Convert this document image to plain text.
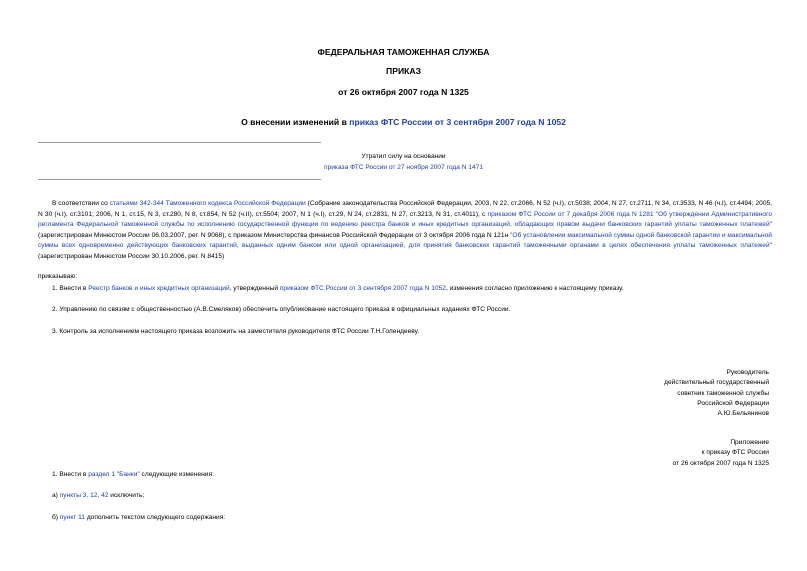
ФЕДЕРАЛЬНАЯ ТАМОЖЕННАЯ СЛУЖБА
ПРИКАЗ
от 26 октября 2007 года N 1325
О внесении изменений в приказ ФТС России от 3 сентября 2007 года N 1052
Утратил силу на основании
приказа ФТС России от 27 ноября 2007 года N 1471
В соответствии со статьями 342-344 Таможенного кодекса Российской Федерации (Собрание законодательства Российской Федерации, 2003, N 22, ст.2066, N 52 (ч.I), ст.5038; 2004, N 27, ст.2711, N 34, ст.3533, N 46 (ч.I), ст.4494; 2005, N 30 (ч.I), ст.3101; 2006, N 1, ст.15, N 3, ст.280, N 8, ст.854, N 52 (ч.II), ст.5504; 2007, N 1 (ч.I), ст.29, N 24, ст.2831, N 27, ст.3213, N 31, ст.4011), с приказом ФТС России от 7 декабря 2006 года N 1281 "Об утверждении Административного регламента Федеральной таможенной службы по исполнению государственной функции по ведению реестра банков и иных кредитных организаций, обладающих правом выдачи банковских гарантий уплаты таможенных платежей" (зарегистрирован Минюстом России 06.03.2007, рег. N 9068), с приказом Министерства финансов Российской Федерации от 3 октября 2006 года N 121н "Об установлении максимальной суммы одной банковской гарантии и максимальной суммы всех одновременно действующих банковских гарантий, выданных одним банком или одной организацией, для принятия банковских гарантий таможенными органами в целях обеспечения уплаты таможенных платежей" (зарегистрирован Минюстом России 30.10.2006, рег. N 8415)
приказываю:
1. Внести в Реестр банков и иных кредитных организаций, утвержденный приказом ФТС России от 3 сентября 2007 года N 1052, изменения согласно приложению к настоящему приказу.
2. Управлению по связям с общественностью (А.В.Смеляков) обеспечить опубликование настоящего приказа в официальных изданиях ФТС России.
3. Контроль за исполнением настоящего приказа возложить на заместителя руководителя ФТС России Т.Н.Голендееву.
Руководитель
действительный государственный
советник таможенной службы
Российской Федерации
А.Ю.Бельянинов
Приложение
к приказу ФТС России
от 26 октября 2007 года N 1325
1. Внести в раздел 1 "Банки" следующие изменения:
а) пункты 3, 12, 42 исключить;
б) пункт 11 дополнить текстом следующего содержания:
